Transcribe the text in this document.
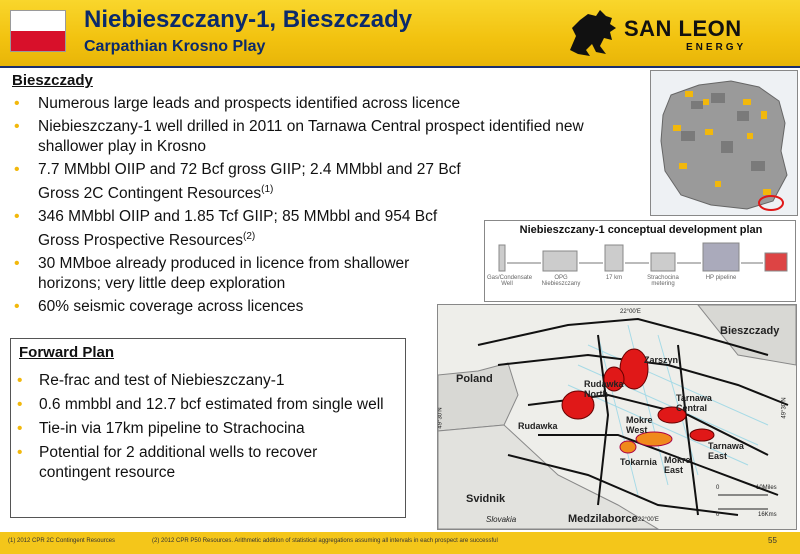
Niebieszczany-1, Bieszczady
Carpathian Krosno Play
SAN LEON
ENERGY
Bieszczady
• Numerous large leads and prospects identified across licence
• Niebieszczany-1 well drilled in 2011 on Tarnawa Central prospect identified new shallower play in Krosno
• 7.7 MMbbl OIIP and 72 Bcf gross GIIP; 2.4 MMbbl and 27 Bcf Gross 2C Contingent Resources$^{(1)}$
• 346 MMbbl OIIP and 1.85 Tcf GIIP; 85 MMbbl and 954 Bcf Gross Prospective Resources$^{(2)}$
• 30 MMboe already produced in licence from shallower horizons; very little deep exploration
• 60% seismic coverage across licences
Forward Plan
• Re-frac and test of Niebieszczany-1
• 0.6 mmbbl and 12.7 bcf estimated from single well
• Tie-in via 17km pipeline to Strachocina
• Potential for 2 additional wells to recover contingent resource
Niebieszczany-1 conceptual development plan
Gas/Condensate Well
OPG Niebieszczany
17 km	Strachocina metering
HP pipeline
Bieszczady
Poland
Zarszyn
Rudawka North
Rudawka
Tarnawa Central
Mokre West
Tokarnia Mokre East
Tarnawa East
Svidnik
Medzilaborce
Slovakia
22°00'E
22°00'E
49°30'N	49°30'N
0	10Miles
0	16Kms
(1) 2012 CPR 2C Contingent Resources	(2) 2012 CPR P50 Resources. Arithmetic addition of statistical aggregations assuming all intervals in each prospect are successful	55
